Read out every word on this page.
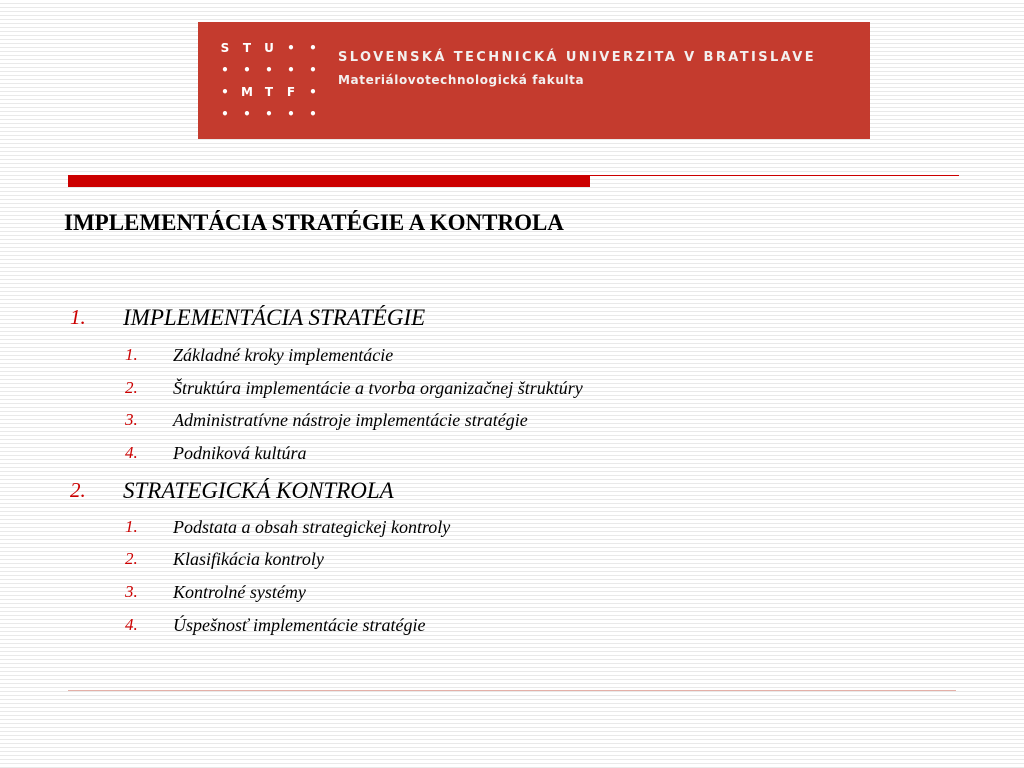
S	T	U	•	•
•	•	•	•	•
•	M T	F	•
•	•	•	•	•
SLOVENSKÁ TECHNICKÁ UNIVERZITA V BRATISLAVE
Materiálovotechnologická fakulta
IMPLEMENTÁCIA STRATÉGIE A KONTROLA
1. IMPLEMENTÁCIA STRATÉGIE
1. Základné kroky implementácie
2. Štruktúra implementácie a tvorba organizačnej štruktúry
3. Administratívne nástroje implementácie stratégie
4. Podniková kultúra
2. STRATEGICKÁ KONTROLA
1. Podstata a obsah strategickej kontroly
2. Klasifikácia kontroly
3. Kontrolné systémy
4. Úspešnosť implementácie stratégie
